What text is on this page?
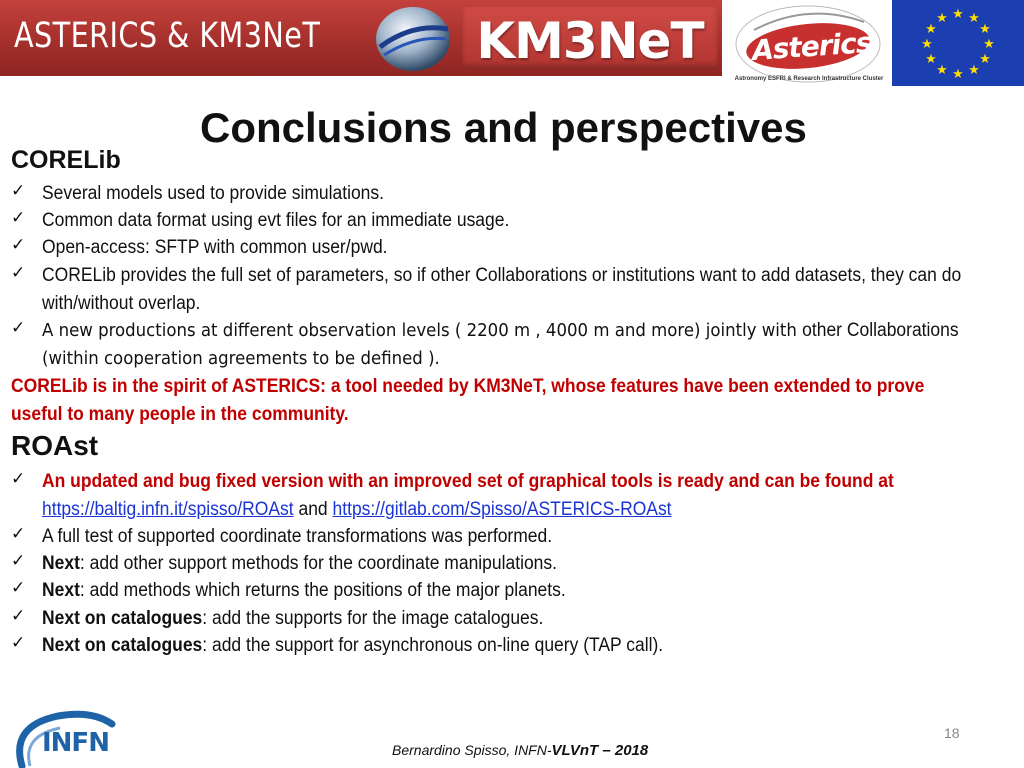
ASTERICS & KM3NeT	KM3NeT	Asterics
Astronomy ESFRI & Research Infrastructure Cluster
★ ★
★
★
★
★
★
★
★
★
★
★
Conclusions and perspectives
CORELib
✓ Several models used to provide simulations.
✓ Common data format using evt files for an immediate usage.
✓ Open-access: SFTP with common user/pwd.
✓ CORELib provides the full set of parameters, so if other Collaborations or institutions want to add datasets, they can do with/without overlap.
✓ A new productions at different observation levels ( 2200 m , 4000 m and more) jointly with other Collaborations (within cooperation agreements to be defined ).
CORELib is in the spirit of ASTERICS: a tool needed by KM3NeT, whose features have been extended to prove useful to many people in the community.
ROAst
✓ An updated and bug fixed version with an improved set of graphical tools is ready and can be found at
https://baltig.infn.it/spisso/ROAst and https://gitlab.com/Spisso/ASTERICS-ROAst
✓ A full test of supported coordinate transformations was performed.
✓ Next: add other support methods for the coordinate manipulations.
✓ Next: add methods which returns the positions of the major planets.
✓ Next on catalogues: add the supports for the image catalogues.
✓ Next on catalogues: add the support for asynchronous on-line query (TAP call).
INFN	Bernardino Spisso, INFN-VLVnT – 2018
18
